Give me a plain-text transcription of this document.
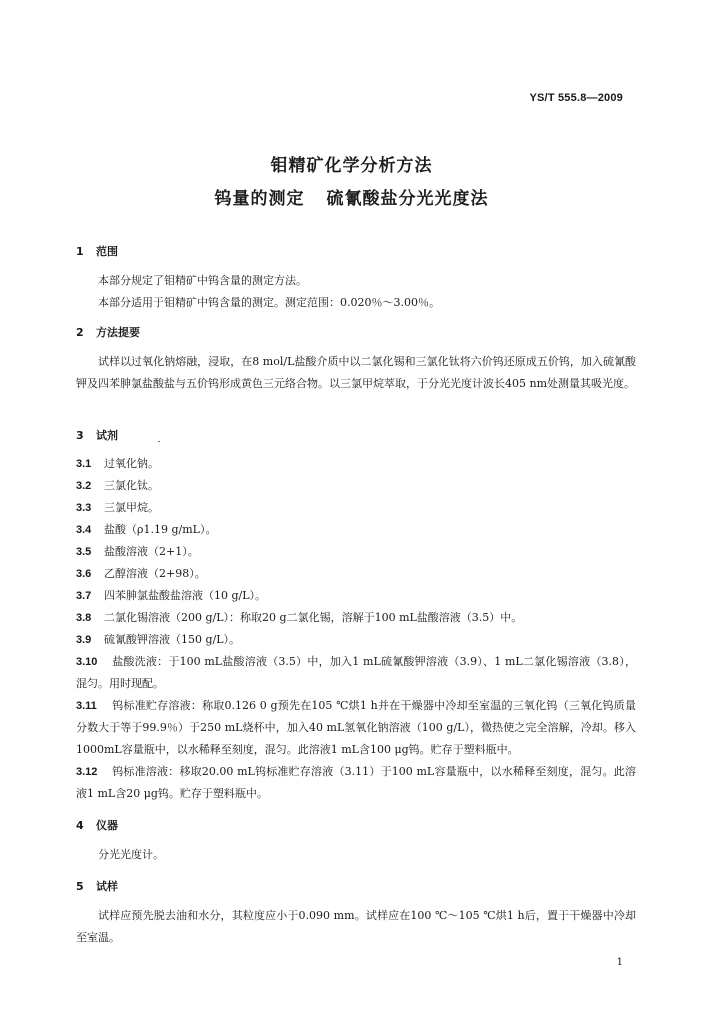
YS/T 555.8—2009
钼精矿化学分析方法
钨量的测定 硫氰酸盐分光光度法
1 范围
本部分规定了钼精矿中钨含量的测定方法。
本部分适用于钼精矿中钨含量的测定。测定范围：0.020％～3.00％。
2 方法提要
试样以过氧化钠熔融，浸取，在8 mol/L盐酸介质中以二氯化锡和三氯化钛将六价钨还原成五价钨，加入硫氰酸钾及四苯胂氯盐酸盐与五价钨形成黄色三元络合物。以三氯甲烷萃取，于分光光度计波长405 nm处测量其吸光度。
3 试剂
3.1 过氧化钠。
3.2 三氯化钛。
3.3 三氯甲烷。
3.4 盐酸（ρ1.19 g/mL）。
3.5 盐酸溶液（2+1）。
3.6 乙醇溶液（2+98）。
3.7 四苯胂氯盐酸盐溶液（10 g/L）。
3.8 二氯化锡溶液（200 g/L）：称取20 g二氯化锡，溶解于100 mL盐酸溶液（3.5）中。
3.9 硫氰酸钾溶液（150 g/L）。
3.10 盐酸洗液：于100 mL盐酸溶液（3.5）中，加入1 mL硫氰酸钾溶液（3.9）、1 mL二氯化锡溶液（3.8），混匀。用时现配。
3.11 钨标准贮存溶液：称取0.126 0 g预先在105 ℃烘1 h并在干燥器中冷却至室温的三氧化钨（三氧化钨质量分数大于等于99.9％）于250 mL烧杯中，加入40 mL氢氧化钠溶液（100 g/L），微热使之完全溶解，冷却。移入1000mL容量瓶中，以水稀释至刻度，混匀。此溶液1 mL含100 μg钨。贮存于塑料瓶中。
3.12 钨标准溶液：移取20.00 mL钨标准贮存溶液（3.11）于100 mL容量瓶中，以水稀释至刻度，混匀。此溶液1 mL含20 μg钨。贮存于塑料瓶中。
4 仪器
分光光度计。
5 试样
试样应预先脱去油和水分，其粒度应小于0.090 mm。试样应在100 ℃～105 ℃烘1 h后，置于干燥器中冷却至室温。
1
